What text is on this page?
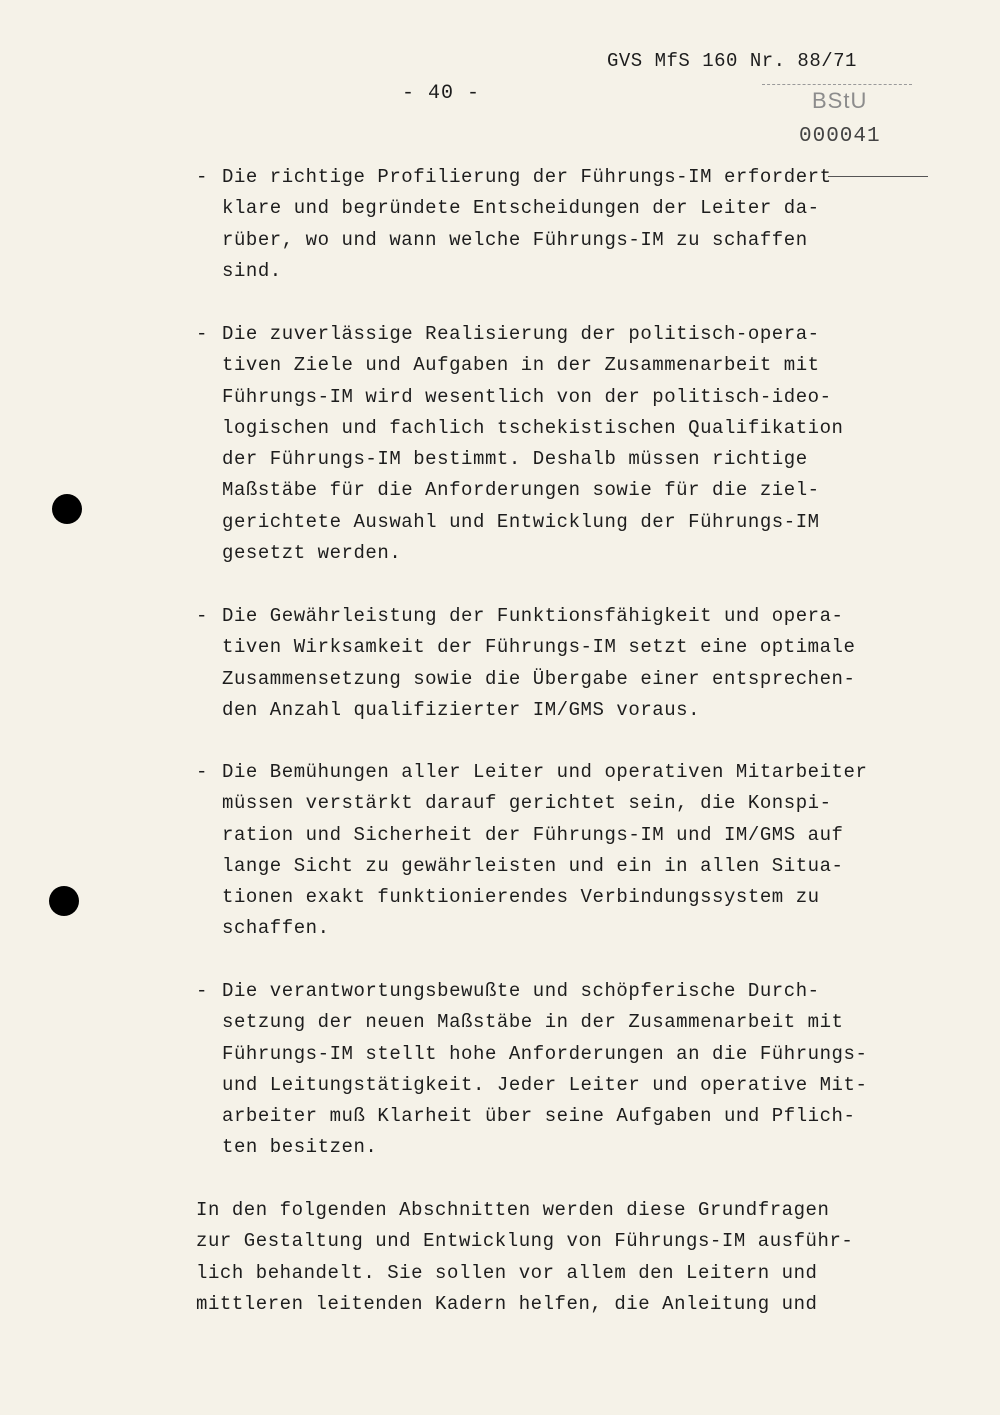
GVS MfS 160 Nr. 88/71
- 40 -	BStU
000041
- Die richtige Profilierung der Führungs-IM erfordert
klare und begründete Entscheidungen der Leiter da-
rüber, wo und wann welche Führungs-IM zu schaffen
sind.
- Die zuverlässige Realisierung der politisch-opera-
tiven Ziele und Aufgaben in der Zusammenarbeit mit
Führungs-IM wird wesentlich von der politisch-ideo-
logischen und fachlich tschekistischen Qualifikation
der Führungs-IM bestimmt. Deshalb müssen richtige
Maßstäbe für die Anforderungen sowie für die ziel-
gerichtete Auswahl und Entwicklung der Führungs-IM
gesetzt werden.
- Die Gewährleistung der Funktionsfähigkeit und opera-
tiven Wirksamkeit der Führungs-IM setzt eine optimale
Zusammensetzung sowie die Übergabe einer entsprechen-
den Anzahl qualifizierter IM/GMS voraus.
- Die Bemühungen aller Leiter und operativen Mitarbeiter
müssen verstärkt darauf gerichtet sein, die Konspi-
ration und Sicherheit der Führungs-IM und IM/GMS auf
lange Sicht zu gewährleisten und ein in allen Situa-
tionen exakt funktionierendes Verbindungssystem zu
schaffen.
- Die verantwortungsbewußte und schöpferische Durch-
setzung der neuen Maßstäbe in der Zusammenarbeit mit
Führungs-IM stellt hohe Anforderungen an die Führungs-
und Leitungstätigkeit. Jeder Leiter und operative Mit-
arbeiter muß Klarheit über seine Aufgaben und Pflich-
ten besitzen.
In den folgenden Abschnitten werden diese Grundfragen
zur Gestaltung und Entwicklung von Führungs-IM ausführ-
lich behandelt. Sie sollen vor allem den Leitern und
mittleren leitenden Kadern helfen, die Anleitung und
